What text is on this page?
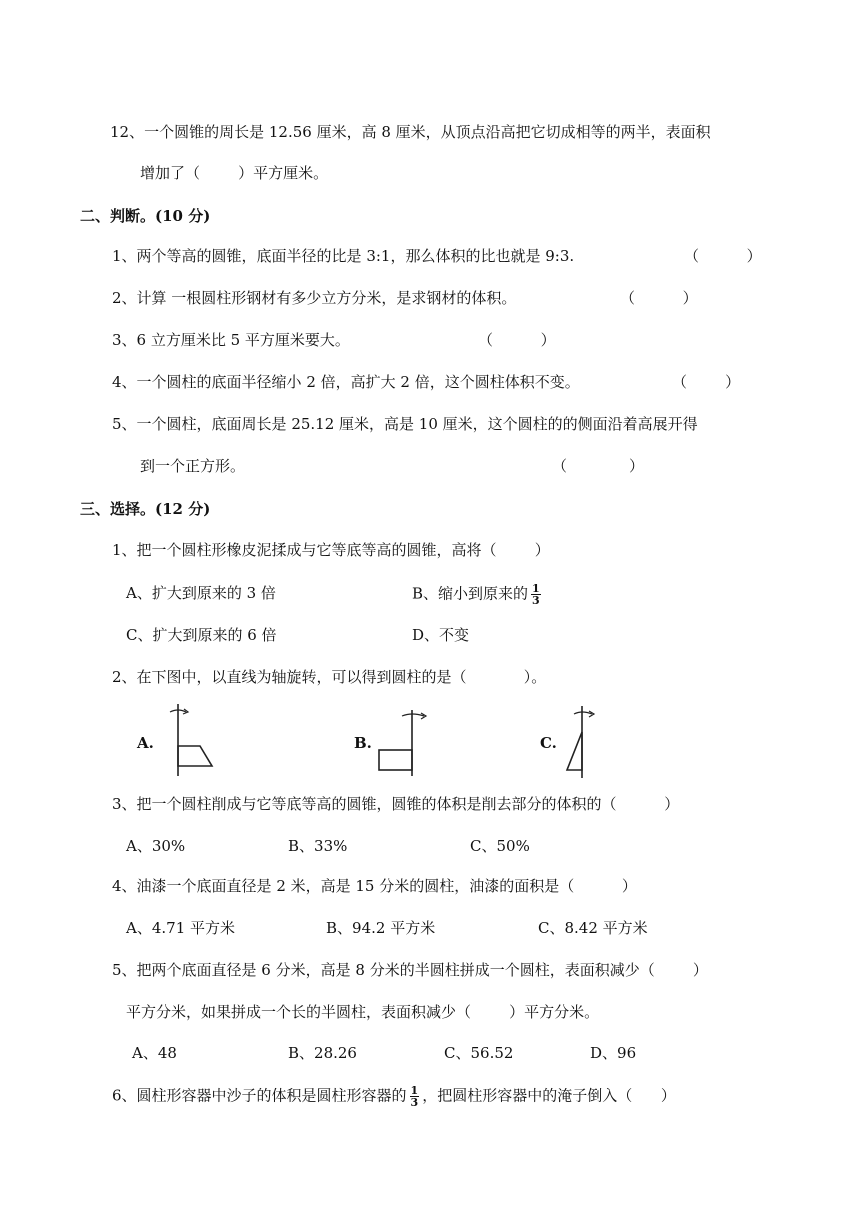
12、一个圆锥的周长是 12.56 厘米，高 8 厘米，从顶点沿高把它切成相等的两半，表面积
增加了（        ）平方厘米。
二、判断。(10 分)
1、两个等高的圆锥，底面半径的比是 3:1，那么体积的比也就是 9:3.	（          ）
2、计算 一根圆柱形钢材有多少立方分米，是求钢材的体积。	（          ）
3、6 立方厘米比 5 平方厘米要大。	（          ）
4、一个圆柱的底面半径缩小 2 倍，高扩大 2 倍，这个圆柱体积不变。	（        ）
5、一个圆柱，底面周长是 25.12 厘米，高是 10 厘米，这个圆柱的的侧面沿着高展开得
到一个正方形。	（             ）
三、选择。(12 分)
1、把一个圆柱形橡皮泥揉成与它等底等高的圆锥，高将（        ）
A、扩大到原来的 3 倍	B、缩小到原来的 $\frac{1}{3}$
C、扩大到原来的 6 倍	D、不变
2、在下图中，以直线为轴旋转，可以得到圆柱的是（            ）。
A.	B.	C.
3、把一个圆柱削成与它等底等高的圆锥，圆锥的体积是削去部分的体积的（          ）
A、30%	B、33%	C、50%
4、油漆一个底面直径是 2 米，高是 15 分米的圆柱，油漆的面积是（          ）
A、4.71 平方米	B、94.2 平方米	C、8.42 平方米
5、把两个底面直径是 6 分米，高是 8 分米的半圆柱拼成一个圆柱，表面积减少（        ）
平方分米，如果拼成一个长的半圆柱，表面积减少（        ）平方分米。
A、48	B、28.26	C、56.52	D、96
6、圆柱形容器中沙子的体积是圆柱形容器的 $\frac{1}{3}$ ，把圆柱形容器中的淹子倒入（      ）
